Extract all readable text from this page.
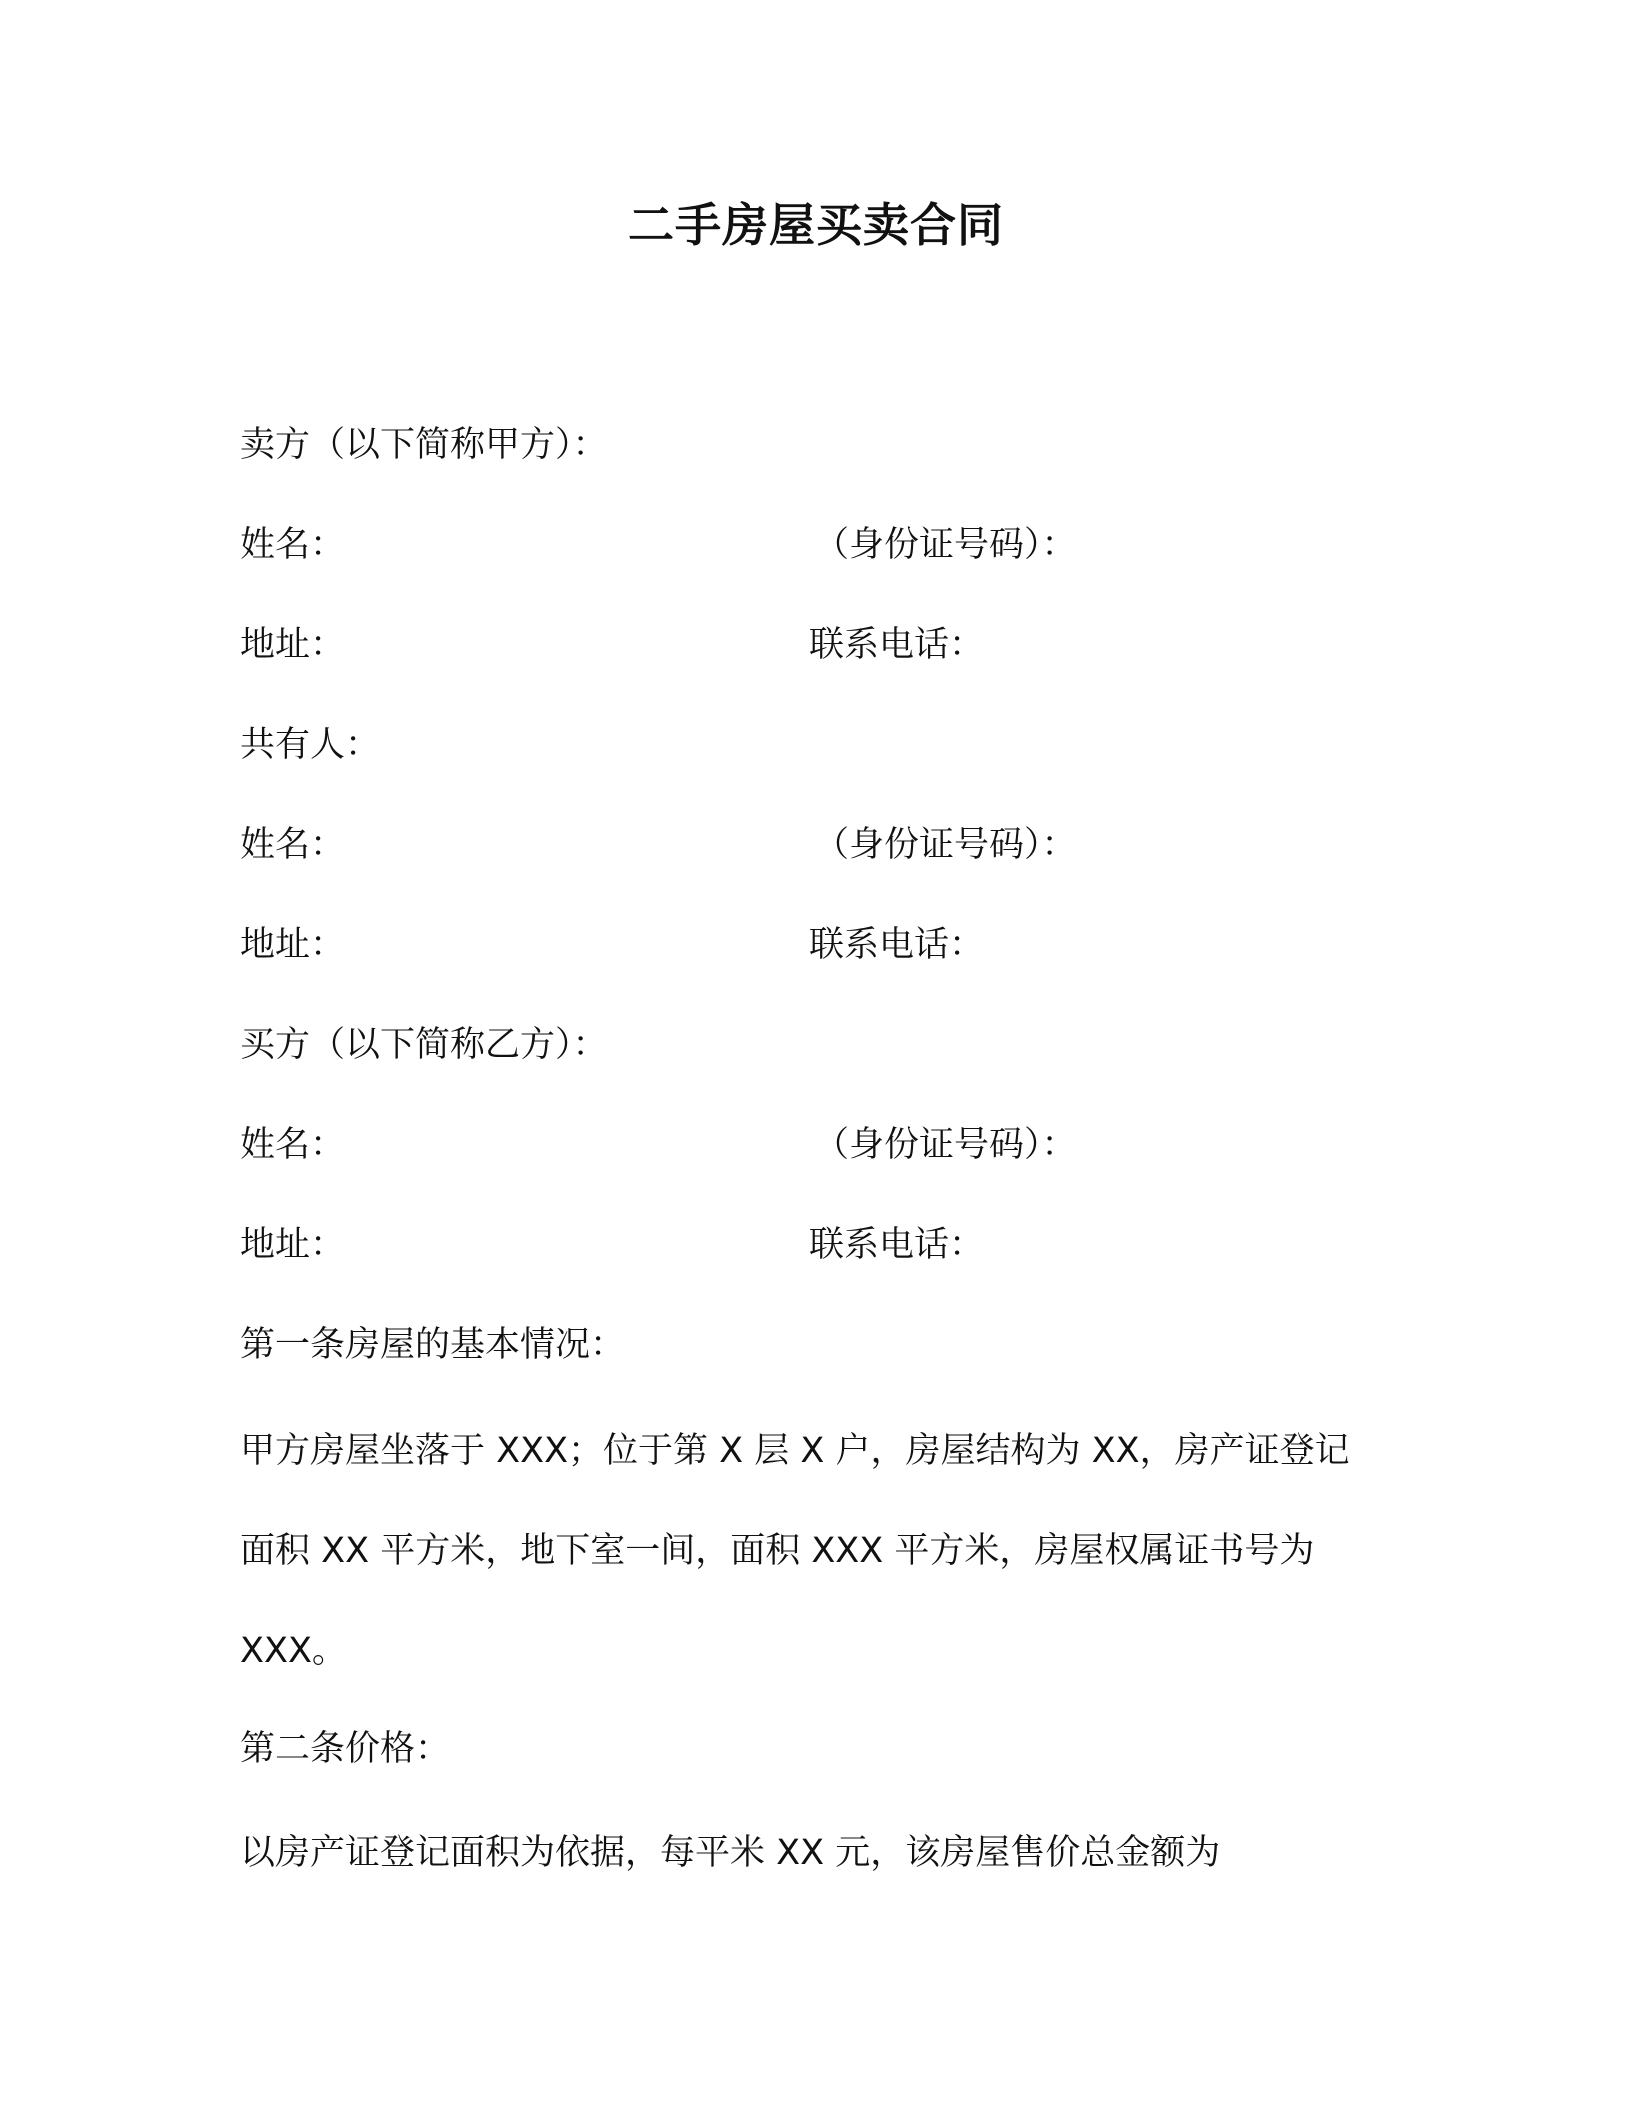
二手房屋买卖合同
卖方（以下简称甲方）：
姓名：	（身份证号码）：
地址：	联系电话：
共有人：
姓名：	（身份证号码）：
地址：	联系电话：
买方（以下简称乙方）：
姓名：	（身份证号码）：
地址：	联系电话：
第一条房屋的基本情况：
甲方房屋坐落于 XXX；位于第 X 层 X 户，房屋结构为 XX，房产证登记
面积 XX 平方米，地下室一间，面积 XXX 平方米，房屋权属证书号为
XXX。
第二条价格：
以房产证登记面积为依据，每平米 XX 元，该房屋售价总金额为
